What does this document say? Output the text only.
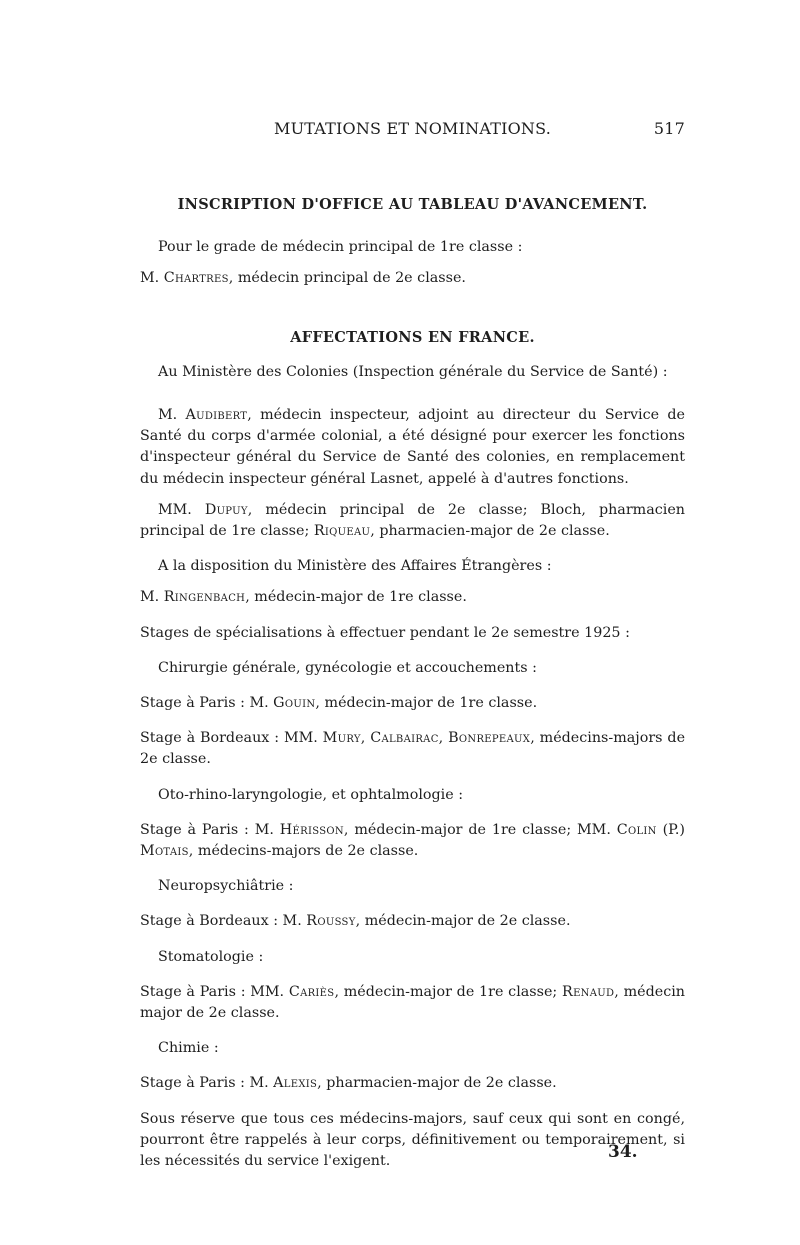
MUTATIONS ET NOMINATIONS.	517
INSCRIPTION D'OFFICE AU TABLEAU D'AVANCEMENT.

Pour le grade de médecin principal de 1re classe :

M. Chartres, médecin principal de 2e classe.

AFFECTATIONS EN FRANCE.

Au Ministère des Colonies (Inspection générale du Service de Santé) :

M. Audibert, médecin inspecteur, adjoint au directeur du Service de Santé du corps d'armée colonial, a été désigné pour exercer les fonctions d'inspecteur général du Service de Santé des colonies, en remplacement du médecin inspecteur général Lasnet, appelé à d'autres fonctions.

MM. Dupuy, médecin principal de 2e classe; Bloch, pharmacien principal de 1re classe; Riqueau, pharmacien-major de 2e classe.

A la disposition du Ministère des Affaires Étrangères :

M. Ringenbach, médecin-major de 1re classe.

Stages de spécialisations à effectuer pendant le 2e semestre 1925 :

Chirurgie générale, gynécologie et accouchements :

Stage à Paris : M. Gouin, médecin-major de 1re classe.

Stage à Bordeaux : MM. Mury, Calbairac, Bonrepeaux, médecins-majors de 2e classe.

Oto-rhino-laryngologie, et ophtalmologie :

Stage à Paris : M. Hérisson, médecin-major de 1re classe; MM. Colin (P.) Motais, médecins-majors de 2e classe.

Neuropsychiâtrie :

Stage à Bordeaux : M. Roussy, médecin-major de 2e classe.

Stomatologie :

Stage à Paris : MM. Cariès, médecin-major de 1re classe; Renaud, médecin major de 2e classe.

Chimie :

Stage à Paris : M. Alexis, pharmacien-major de 2e classe.

Sous réserve que tous ces médecins-majors, sauf ceux qui sont en congé, pourront être rappelés à leur corps, définitivement ou temporairement, si les nécessités du service l'exigent.	34.
